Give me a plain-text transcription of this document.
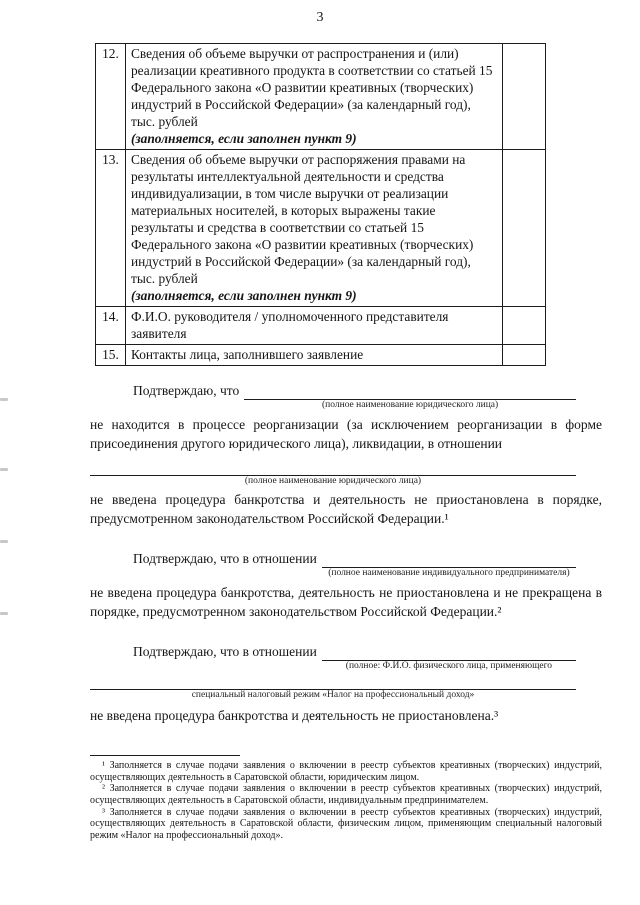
3
12.	Сведения об объеме выручки от распространения и (или) реализации креативного продукта в соответствии со статьей 15 Федерального закона «О развитии креативных (творческих) индустрий в Российской Федерации» (за календарный год), тыс. рублей
(заполняется, если заполнен пункт 9)	

13.	Сведения об объеме выручки от распоряжения правами на результаты интеллектуальной деятельности и средства индивидуализации, в том числе выручки от реализации материальных носителей, в которых выражены такие результаты и средства в соответствии со статьей 15 Федерального закона «О развитии креативных (творческих) индустрий в Российской Федерации» (за календарный год), тыс. рублей
(заполняется, если заполнен пункт 9)	

14.	Ф.И.О. руководителя / уполномоченного представителя заявителя	
15.	Контакты лица, заполнившего заявление	
Подтверждаю, что
(полное наименование юридического лица)
не находится в процессе реорганизации (за исключением реорганизации в форме присоединения другого юридического лица), ликвидации, в отношении
(полное наименование юридического лица)
не введена процедура банкротства и деятельность не приостановлена в порядке, предусмотренном законодательством Российской Федерации.¹
Подтверждаю, что в отношении
(полное наименование индивидуального предпринимателя)
не введена процедура банкротства, деятельность не приостановлена и не прекращена в порядке, предусмотренном законодательством Российской Федерации.²
Подтверждаю, что в отношении
(полное: Ф.И.О. физического лица, применяющего
специальный налоговый режим «Налог на профессиональный доход»
не введена процедура банкротства и деятельность не приостановлена.³
¹ Заполняется в случае подачи заявления о включении в реестр субъектов креативных (творческих) индустрий, осуществляющих деятельность в Саратовской области, юридическим лицом.
² Заполняется в случае подачи заявления о включении в реестр субъектов креативных (творческих) индустрий, осуществляющих деятельность в Саратовской области, индивидуальным предпринимателем.
³ Заполняется в случае подачи заявления о включении в реестр субъектов креативных (творческих) индустрий, осуществляющих деятельность в Саратовской области, физическим лицом, применяющим специальный налоговый режим «Налог на профессиональный доход».
